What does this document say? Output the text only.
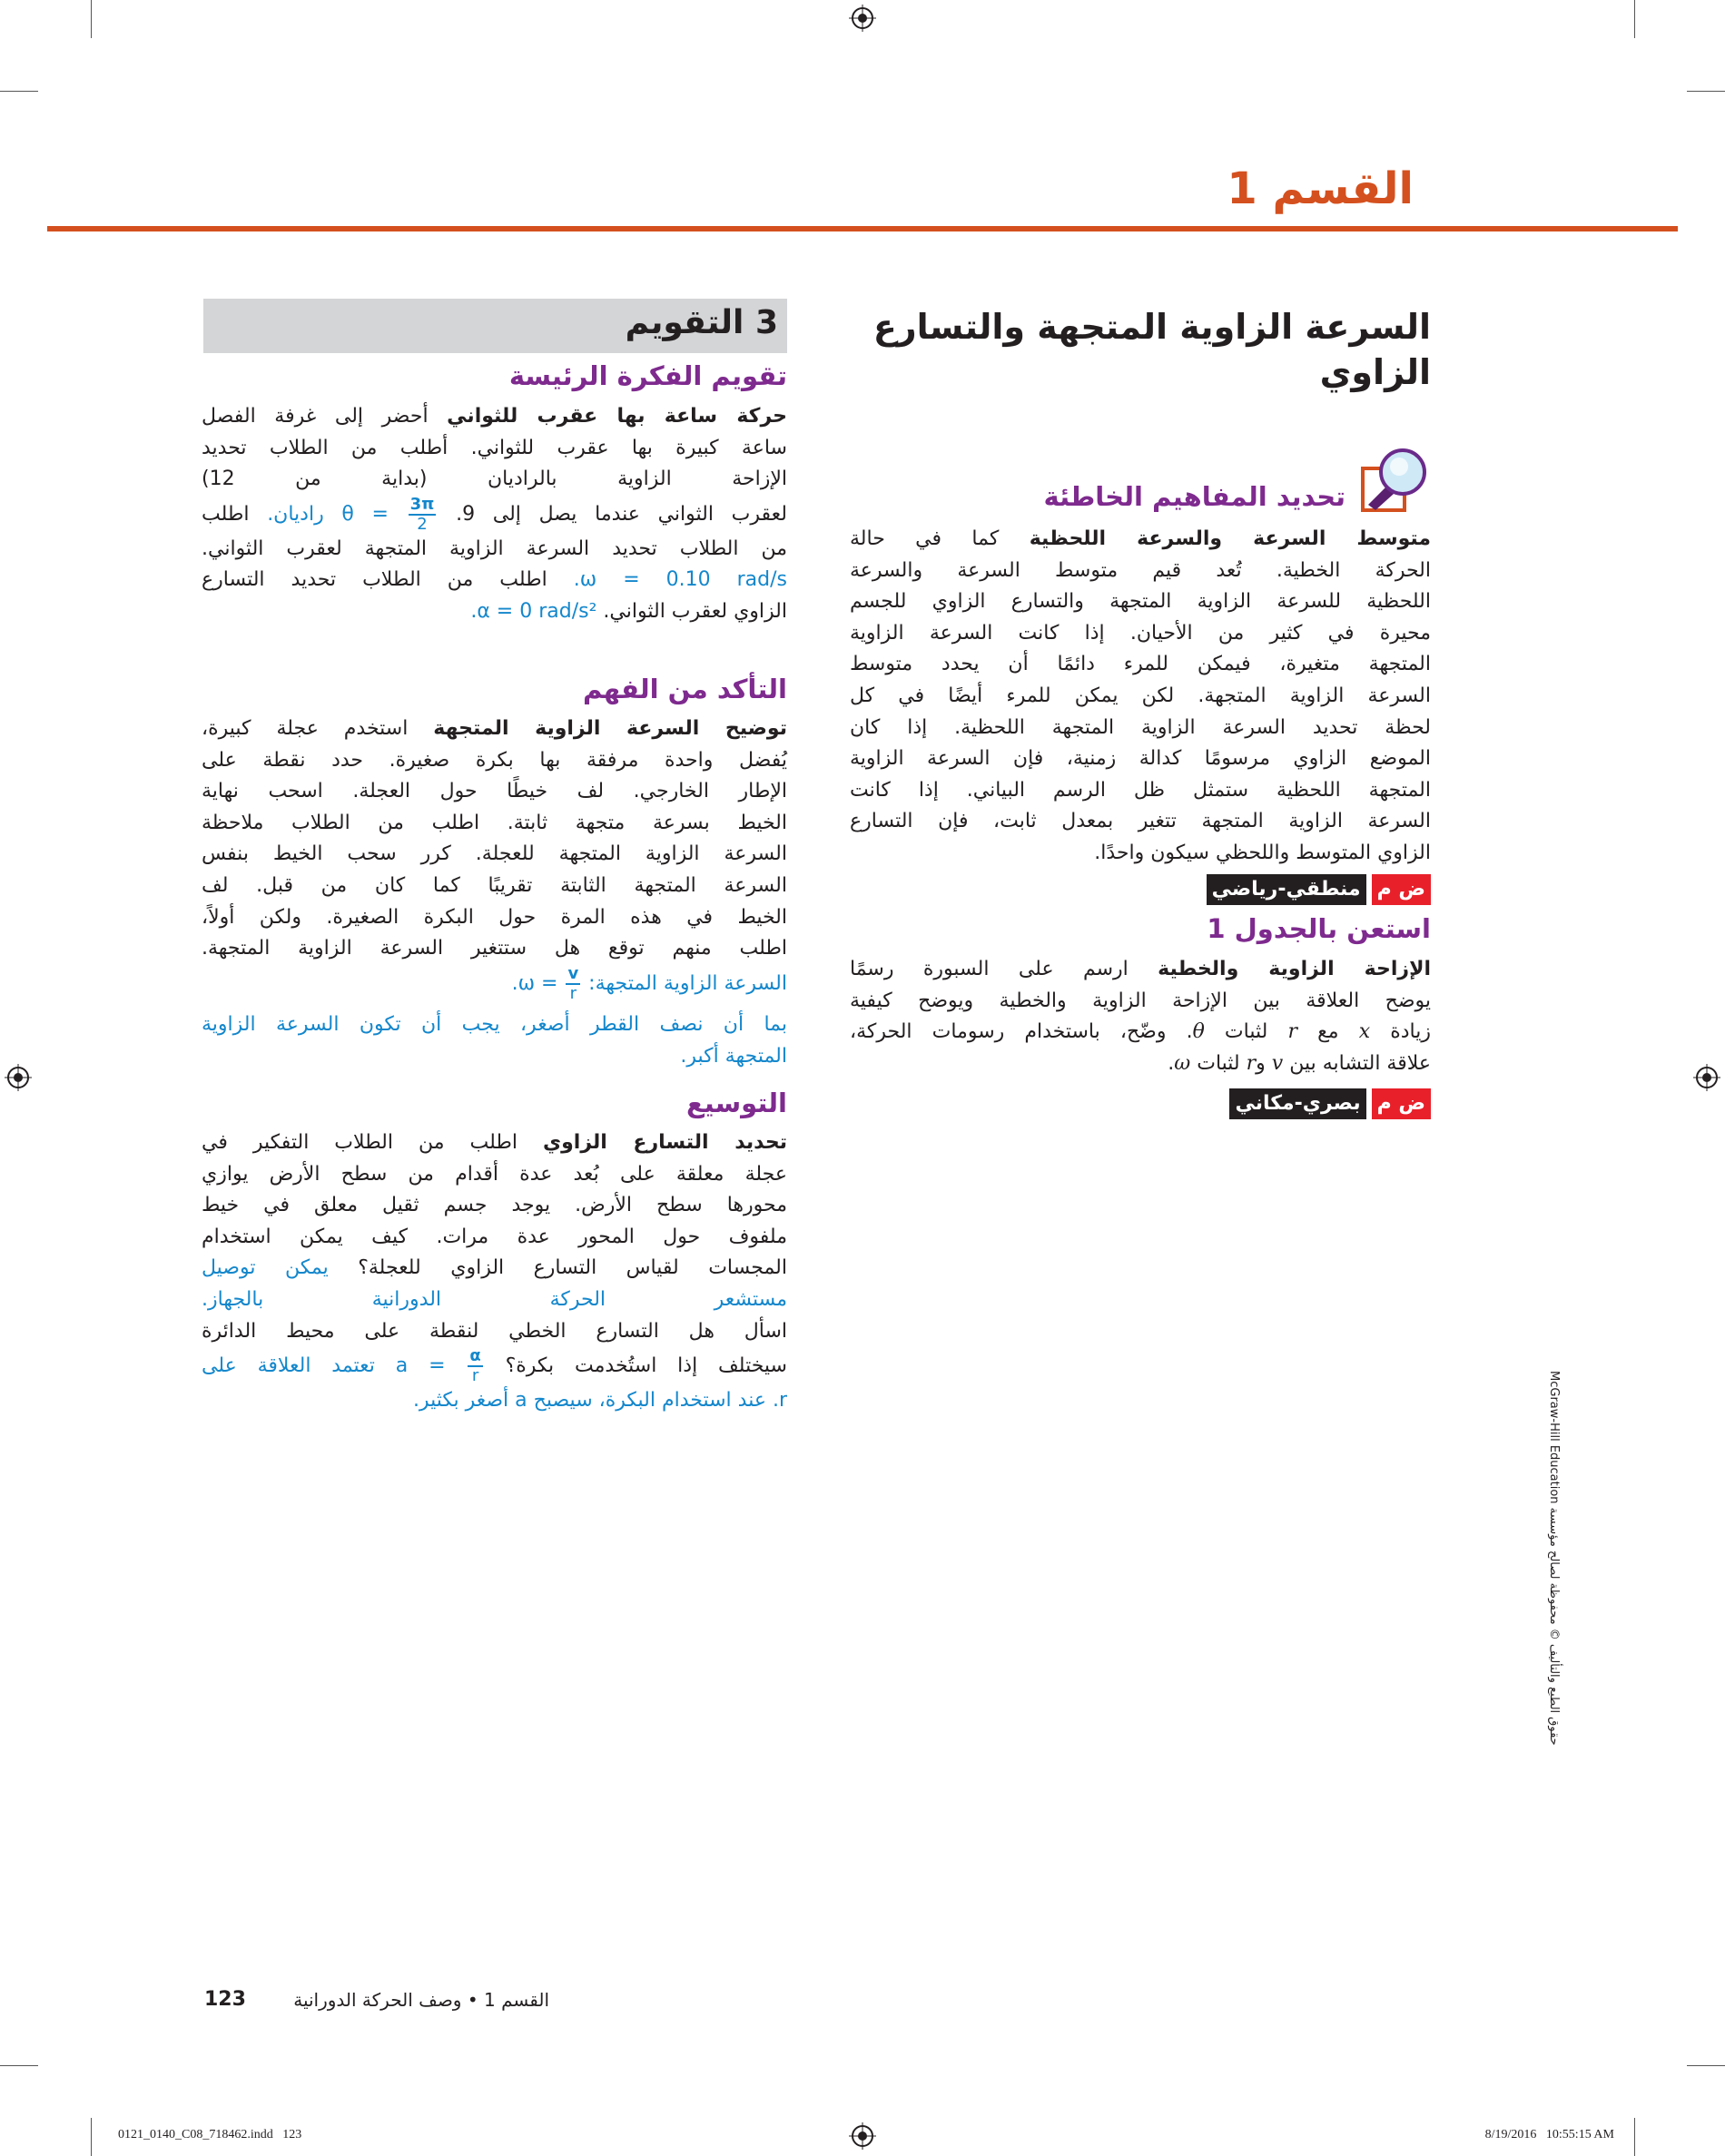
القسم 1
السرعة الزاوية المتجهة والتسارع الزاوي
تحديد المفاهيم الخاطئة
متوسط السرعة والسرعة اللحظية كما في حالة
الحركة الخطية. تُعد قيم متوسط السرعة والسرعة
اللحظية للسرعة الزاوية المتجهة والتسارع الزاوي للجسم
محيرة في كثير من الأحيان. إذا كانت السرعة الزاوية
المتجهة متغيرة، فيمكن للمرء دائمًا أن يحدد متوسط
السرعة الزاوية المتجهة. لكن يمكن للمرء أيضًا في كل
لحظة تحديد السرعة الزاوية المتجهة اللحظية. إذا كان
الموضع الزاوي مرسومًا كدالة زمنية، فإن السرعة الزاوية
المتجهة اللحظية ستمثل ظل الرسم البياني. إذا كانت
السرعة الزاوية المتجهة تتغير بمعدل ثابت، فإن التسارع
الزاوي المتوسط واللحظي سيكون واحدًا.
ض م
منطقي-رياضي
استعن بالجدول 1
الإزاحة الزاوية والخطية ارسم على السبورة رسمًا
يوضح العلاقة بين الإزاحة الزاوية والخطية ويوضح كيفية
زيادة x مع r لثبات θ. وضّح، باستخدام رسومات الحركة،
علاقة التشابه بين v وr لثبات ω.
ض م
بصري-مكاني
3 التقويم
تقويم الفكرة الرئيسة
حركة ساعة بها عقرب للثواني أحضر إلى غرفة الفصل
ساعة كبيرة بها عقرب للثواني. أطلب من الطلاب تحديد
الإزاحة الزاوية بالراديان (بداية من 12)
لعقرب الثواني عندما يصل إلى 9. $\theta = \frac{3\pi}{2}$
راديان. اطلب
من الطلاب تحديد السرعة الزاوية المتجهة لعقرب الثواني.
ω = 0.10 rad/s. اطلب من الطلاب تحديد التسارع
الزاوي لعقرب الثواني. α = 0 rad/s².
التأكد من الفهم
توضيح السرعة الزاوية المتجهة استخدم عجلة كبيرة،
يُفضل واحدة مرفقة بها بكرة صغيرة. حدد نقطة على
الإطار الخارجي. لف خيطًا حول العجلة. اسحب نهاية
الخيط بسرعة متجهة ثابتة. اطلب من الطلاب ملاحظة
السرعة الزاوية المتجهة للعجلة. كرر سحب الخيط بنفس
السرعة المتجهة الثابتة تقريبًا كما كان من قبل. لف
الخيط في هذه المرة حول البكرة الصغيرة. ولكن أولاً،
اطلب منهم توقع هل ستتغير السرعة الزاوية المتجهة.
السرعة الزاوية المتجهة: $\omega = \frac{v}{r}$
.
بما أن نصف القطر أصغر، يجب أن تكون السرعة الزاوية
المتجهة أكبر.
التوسيع
تحديد التسارع الزاوي اطلب من الطلاب التفكير في
عجلة معلقة على بُعد عدة أقدام من سطح الأرض يوازي
محورها سطح الأرض. يوجد جسم ثقيل معلق في خيط
ملفوف حول المحور عدة مرات. كيف يمكن استخدام
المجسات لقياس التسارع الزاوي للعجلة؟ يمكن توصيل
مستشعر الحركة الدورانية بالجهاز.
اسأل هل التسارع الخطي لنقطة على محيط الدائرة
سيختلف إذا استُخدمت بكرة؟ $a = \frac{\alpha}{r}$
تعتمد العلاقة على
r. عند استخدام البكرة، سيصبح a أصغر بكثير.
123	القسم 1 • وصف الحركة الدورانية
حقوق الطبع والتأليف © محفوظة لصالح مؤسسة McGraw-Hill Education
0121_0140_C08_718462.indd   123	8/19/2016   10:55:15 AM
